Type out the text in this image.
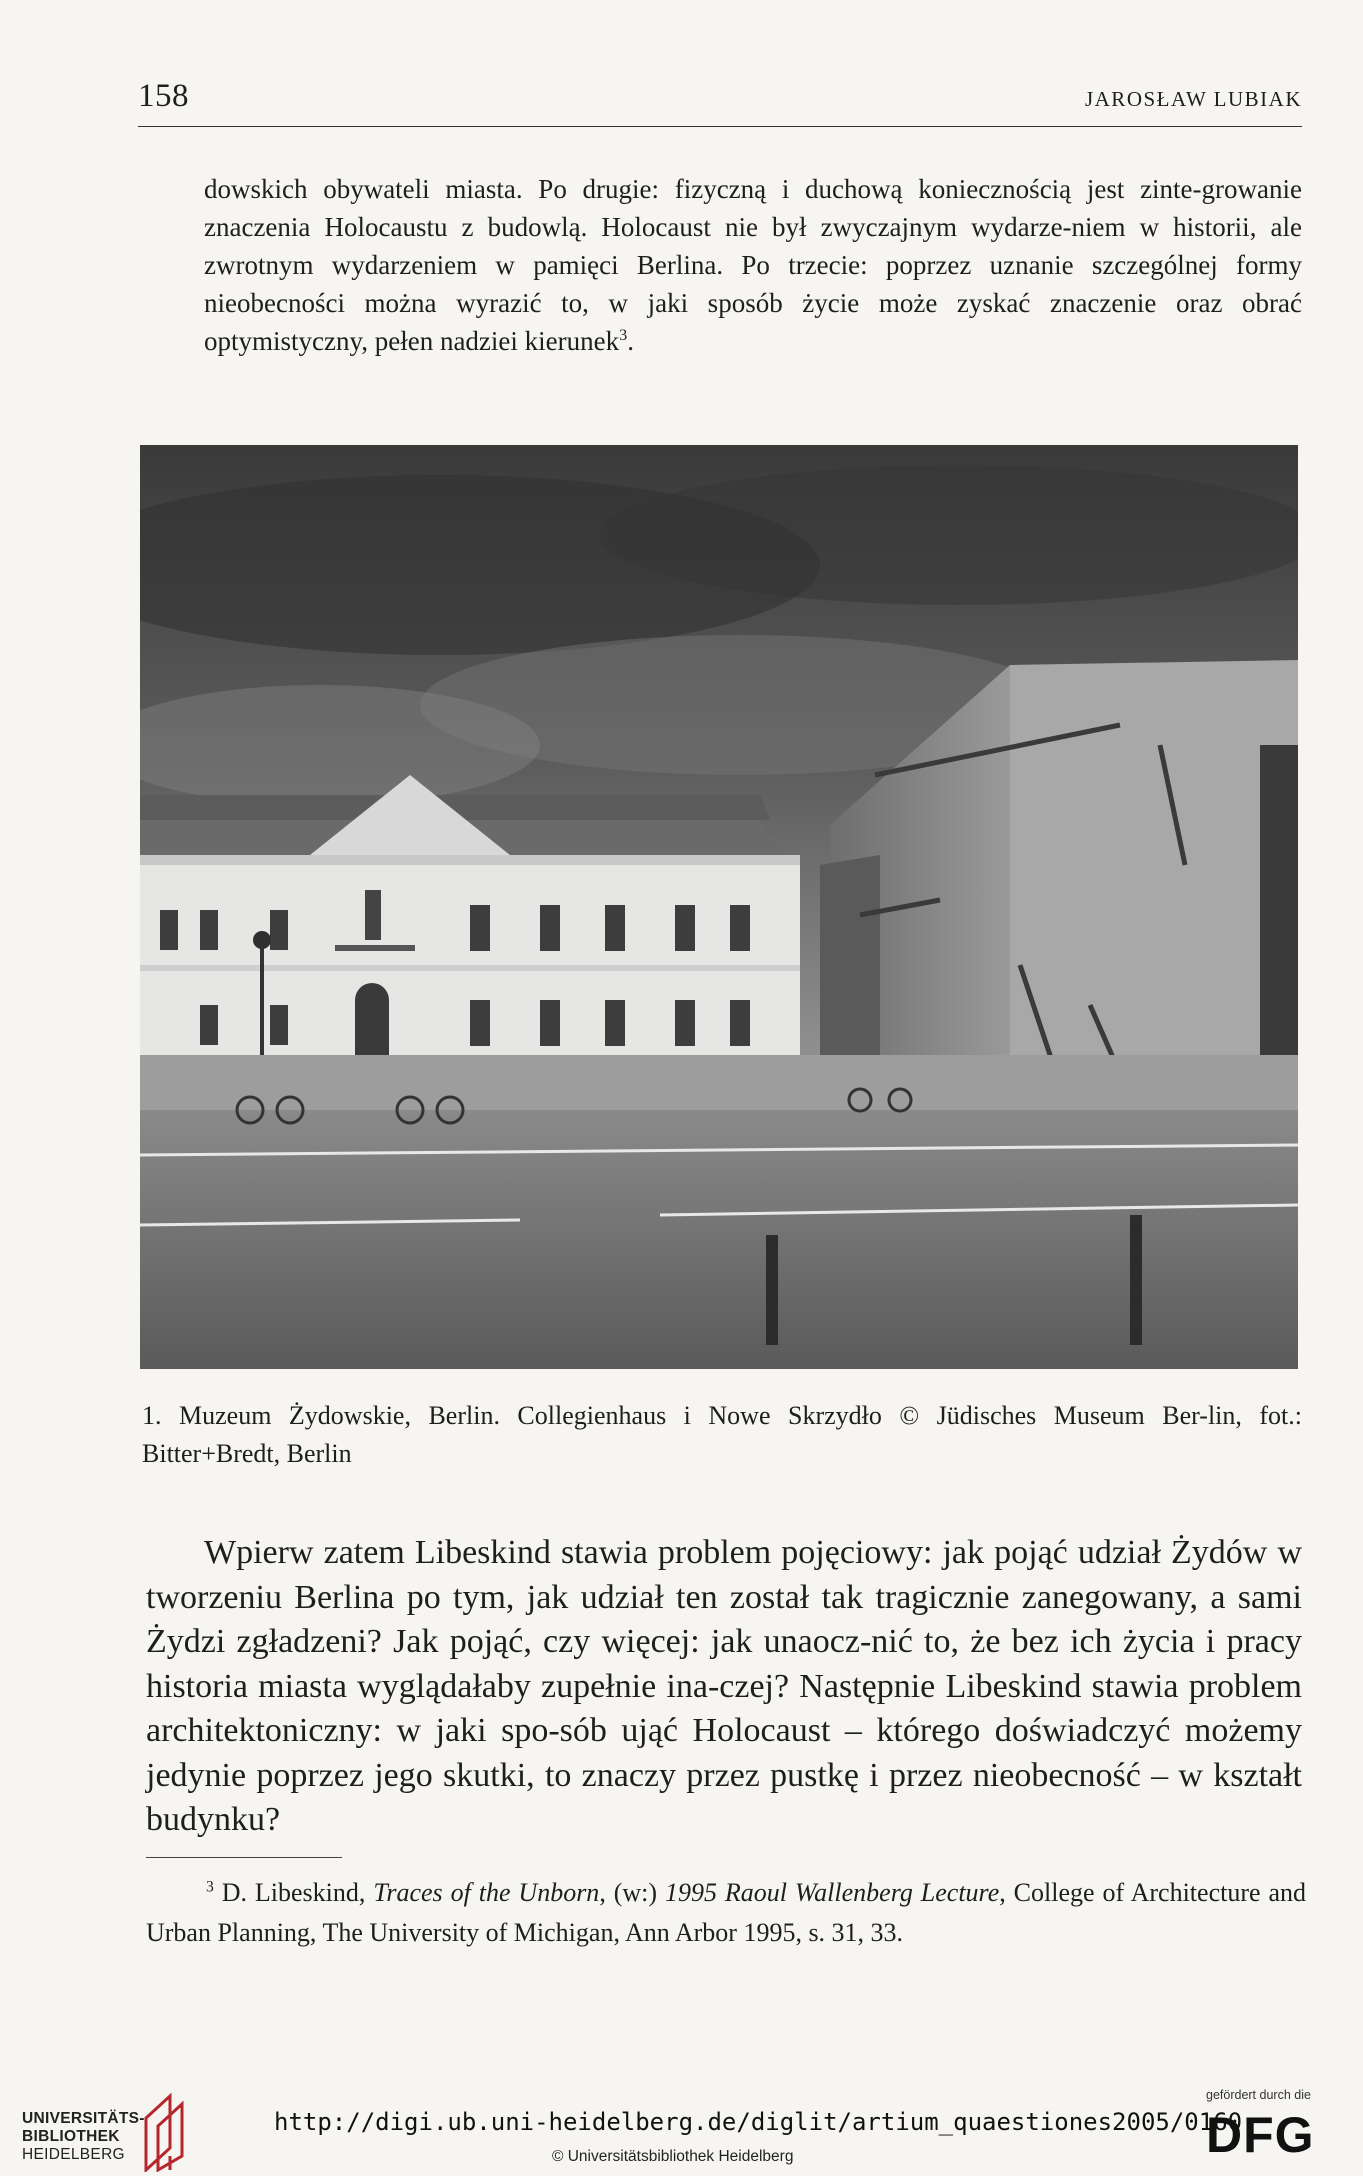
158	JAROSŁAW LUBIAK

dowskich obywateli miasta. Po drugie: fizyczną i duchową koniecznością jest zinte-growanie znaczenia Holocaustu z budowlą. Holocaust nie był zwyczajnym wydarze-niem w historii, ale zwrotnym wydarzeniem w pamięci Berlina. Po trzecie: poprzez uznanie szczególnej formy nieobecności można wyrazić to, w jaki sposób życie może zyskać znaczenie oraz obrać optymistyczny, pełen nadziei kierunek$^3$.

1. Muzeum Żydowskie, Berlin. Collegienhaus i Nowe Skrzydło © Jüdisches Museum Ber-lin, fot.: Bitter+Bredt, Berlin

Wpierw zatem Libeskind stawia problem pojęciowy: jak pojąć udział Żydów w tworzeniu Berlina po tym, jak udział ten został tak tragicznie zanegowany, a sami Żydzi zgładzeni? Jak pojąć, czy więcej: jak unaocz-nić to, że bez ich życia i pracy historia miasta wyglądałaby zupełnie ina-czej? Następnie Libeskind stawia problem architektoniczny: w jaki spo-sób ująć Holocaust – którego doświadczyć możemy jedynie poprzez jego skutki, to znaczy przez pustkę i przez nieobecność – w kształt budynku?

$^3$ D. Libeskind, Traces of the Unborn, (w:) 1995 Raoul Wallenberg Lecture, College of Architecture and Urban Planning, The University of Michigan, Ann Arbor 1995, s. 31, 33.

UNIVERSITÄTS-
BIBLIOTHEK
HEIDELBERG
http://digi.ub.uni-heidelberg.de/diglit/artium_quaestiones2005/0160
© Universitätsbibliothek Heidelberg
gefördert durch die
DFG
